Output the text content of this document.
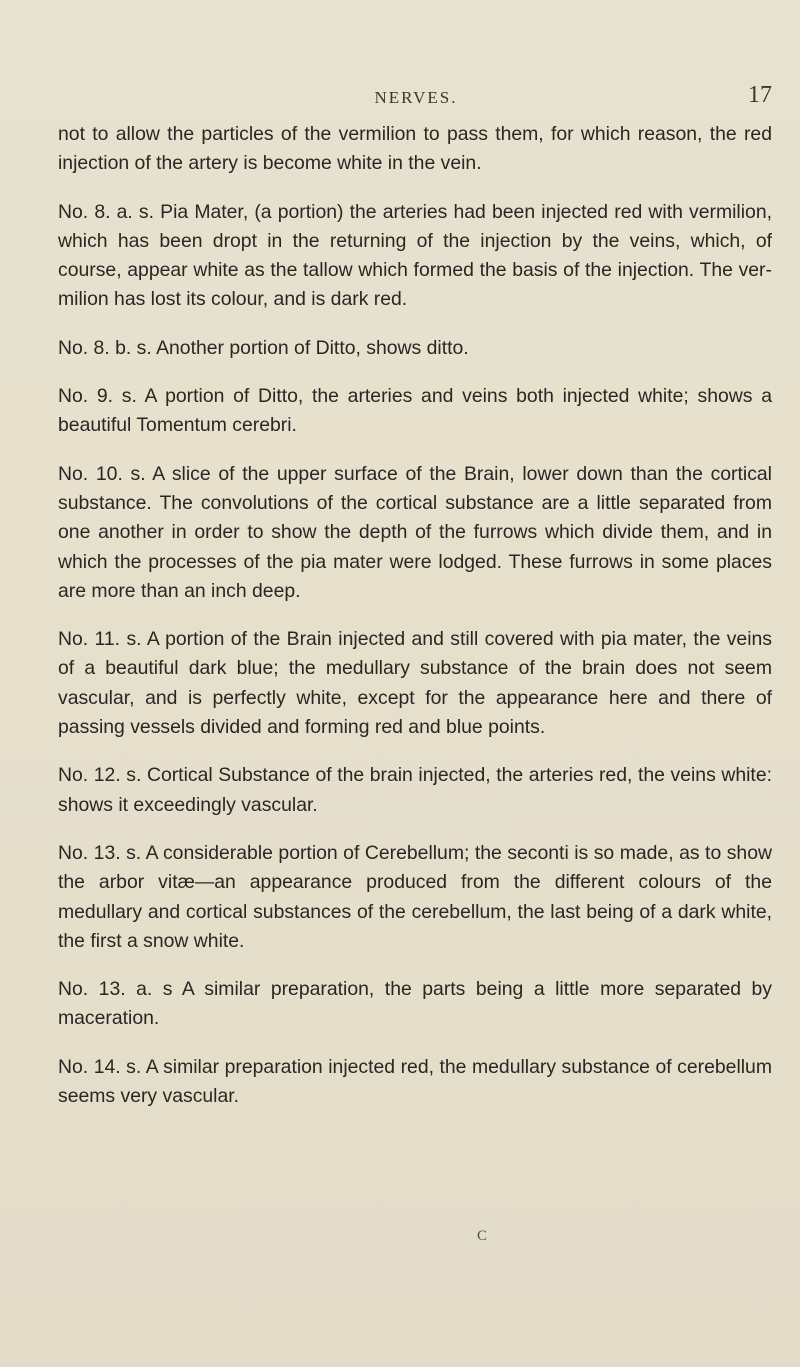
NERVES.	17

not to allow the particles of the vermilion to pass them, for which reason, the red injection of the artery is become white in the vein.

No. 8. a. s. Pia Mater, (a portion) the arteries had been injected red with vermilion, which has been dropt in the returning of the injection by the veins, which, of course, appear white as the tallow which formed the basis of the injection. The vermilion has lost its colour, and is dark red.

No. 8. b. s. Another portion of Ditto, shows ditto.

No. 9. s. A portion of Ditto, the arteries and veins both injected white; shows a beautiful Tomentum cerebri.

No. 10. s. A slice of the upper surface of the Brain, lower down than the cortical substance. The convolutions of the cortical substance are a little separated from one another in order to show the depth of the furrows which divide them, and in which the processes of the pia mater were lodged. These furrows in some places are more than an inch deep.

No. 11. s. A portion of the Brain injected and still covered with pia mater, the veins of a beautiful dark blue; the medullary substance of the brain does not seem vascular, and is perfectly white, except for the appearance here and there of passing vessels divided and forming red and blue points.

No. 12. s. Cortical Substance of the brain injected, the arteries red, the veins white: shows it exceedingly vascular.

No. 13. s. A considerable portion of Cerebellum; the seconti is so made, as to show the arbor vitæ—an appearance produced from the different colours of the medullary and cortical substances of the cerebellum, the last being of a dark white, the first a snow white.

No. 13. a. s A similar preparation, the parts being a little more separated by maceration.

No. 14. s. A similar preparation injected red, the medullary substance of cerebellum seems very vascular.

C
